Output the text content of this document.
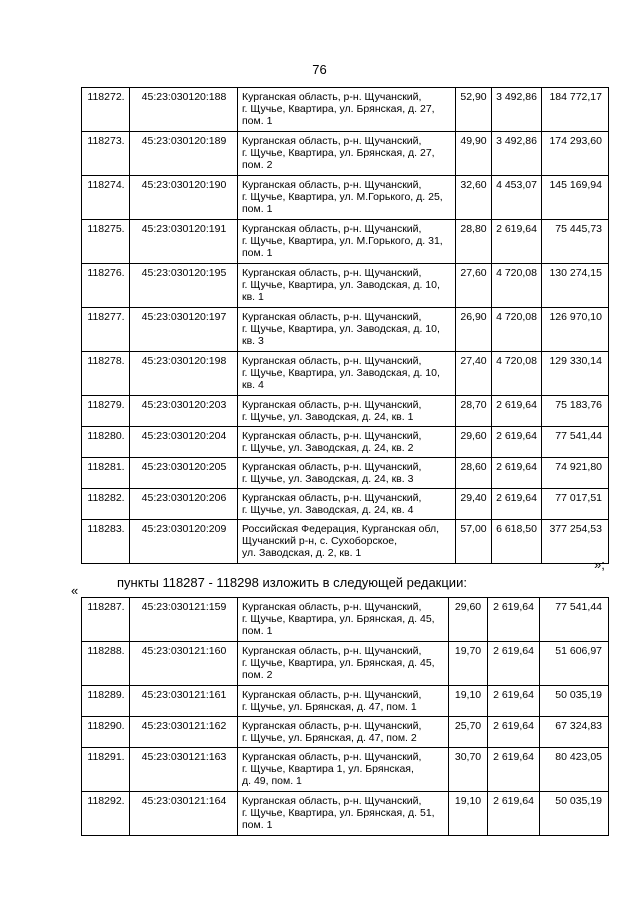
76
118272.	45:23:030120:188	Курганская область, р-н. Щучанский,
г. Щучье, Квартира, ул. Брянская, д. 27,
пом. 1	52,90	3 492,86	184 772,17
118273.	45:23:030120:189	Курганская область, р-н. Щучанский,
г. Щучье, Квартира, ул. Брянская, д. 27,
пом. 2	49,90	3 492,86	174 293,60
118274.	45:23:030120:190	Курганская область, р-н. Щучанский,
г. Щучье, Квартира, ул. М.Горького, д. 25,
пом. 1	32,60	4 453,07	145 169,94
118275.	45:23:030120:191	Курганская область, р-н. Щучанский,
г. Щучье, Квартира, ул. М.Горького, д. 31,
пом. 1	28,80	2 619,64	75 445,73
118276.	45:23:030120:195	Курганская область, р-н. Щучанский,
г. Щучье, Квартира, ул. Заводская, д. 10,
кв. 1	27,60	4 720,08	130 274,15
118277.	45:23:030120:197	Курганская область, р-н. Щучанский,
г. Щучье, Квартира, ул. Заводская, д. 10,
кв. 3	26,90	4 720,08	126 970,10
118278.	45:23:030120:198	Курганская область, р-н. Щучанский,
г. Щучье, Квартира, ул. Заводская, д. 10,
кв. 4	27,40	4 720,08	129 330,14
118279.	45:23:030120:203	Курганская область, р-н. Щучанский,
г. Щучье, ул. Заводская, д. 24, кв. 1	28,70	2 619,64	75 183,76
118280.	45:23:030120:204	Курганская область, р-н. Щучанский,
г. Щучье, ул. Заводская, д. 24, кв. 2	29,60	2 619,64	77 541,44
118281.	45:23:030120:205	Курганская область, р-н. Щучанский,
г. Щучье, ул. Заводская, д. 24, кв. 3	28,60	2 619,64	74 921,80
118282.	45:23:030120:206	Курганская область, р-н. Щучанский,
г. Щучье, ул. Заводская, д. 24, кв. 4	29,40	2 619,64	77 017,51
118283.	45:23:030120:209	Российская Федерация, Курганская обл,
Щучанский р-н, с. Сухоборское,
ул. Заводская, д. 2, кв. 1	57,00	6 618,50	377 254,53
»;
пункты 118287 - 118298 изложить в следующей редакции:
«
118287.	45:23:030121:159	Курганская область, р-н. Щучанский,
г. Щучье, Квартира, ул. Брянская, д. 45,
пом. 1	29,60	2 619,64	77 541,44
118288.	45:23:030121:160	Курганская область, р-н. Щучанский,
г. Щучье, Квартира, ул. Брянская, д. 45,
пом. 2	19,70	2 619,64	51 606,97
118289.	45:23:030121:161	Курганская область, р-н. Щучанский,
г. Щучье, ул. Брянская, д. 47, пом. 1	19,10	2 619,64	50 035,19
118290.	45:23:030121:162	Курганская область, р-н. Щучанский,
г. Щучье, ул. Брянская, д. 47, пом. 2	25,70	2 619,64	67 324,83
118291.	45:23:030121:163	Курганская область, р-н. Щучанский,
г. Щучье, Квартира 1, ул. Брянская,
д. 49, пом. 1	30,70	2 619,64	80 423,05
118292.	45:23:030121:164	Курганская область, р-н. Щучанский,
г. Щучье, Квартира, ул. Брянская, д. 51,
пом. 1	19,10	2 619,64	50 035,19
